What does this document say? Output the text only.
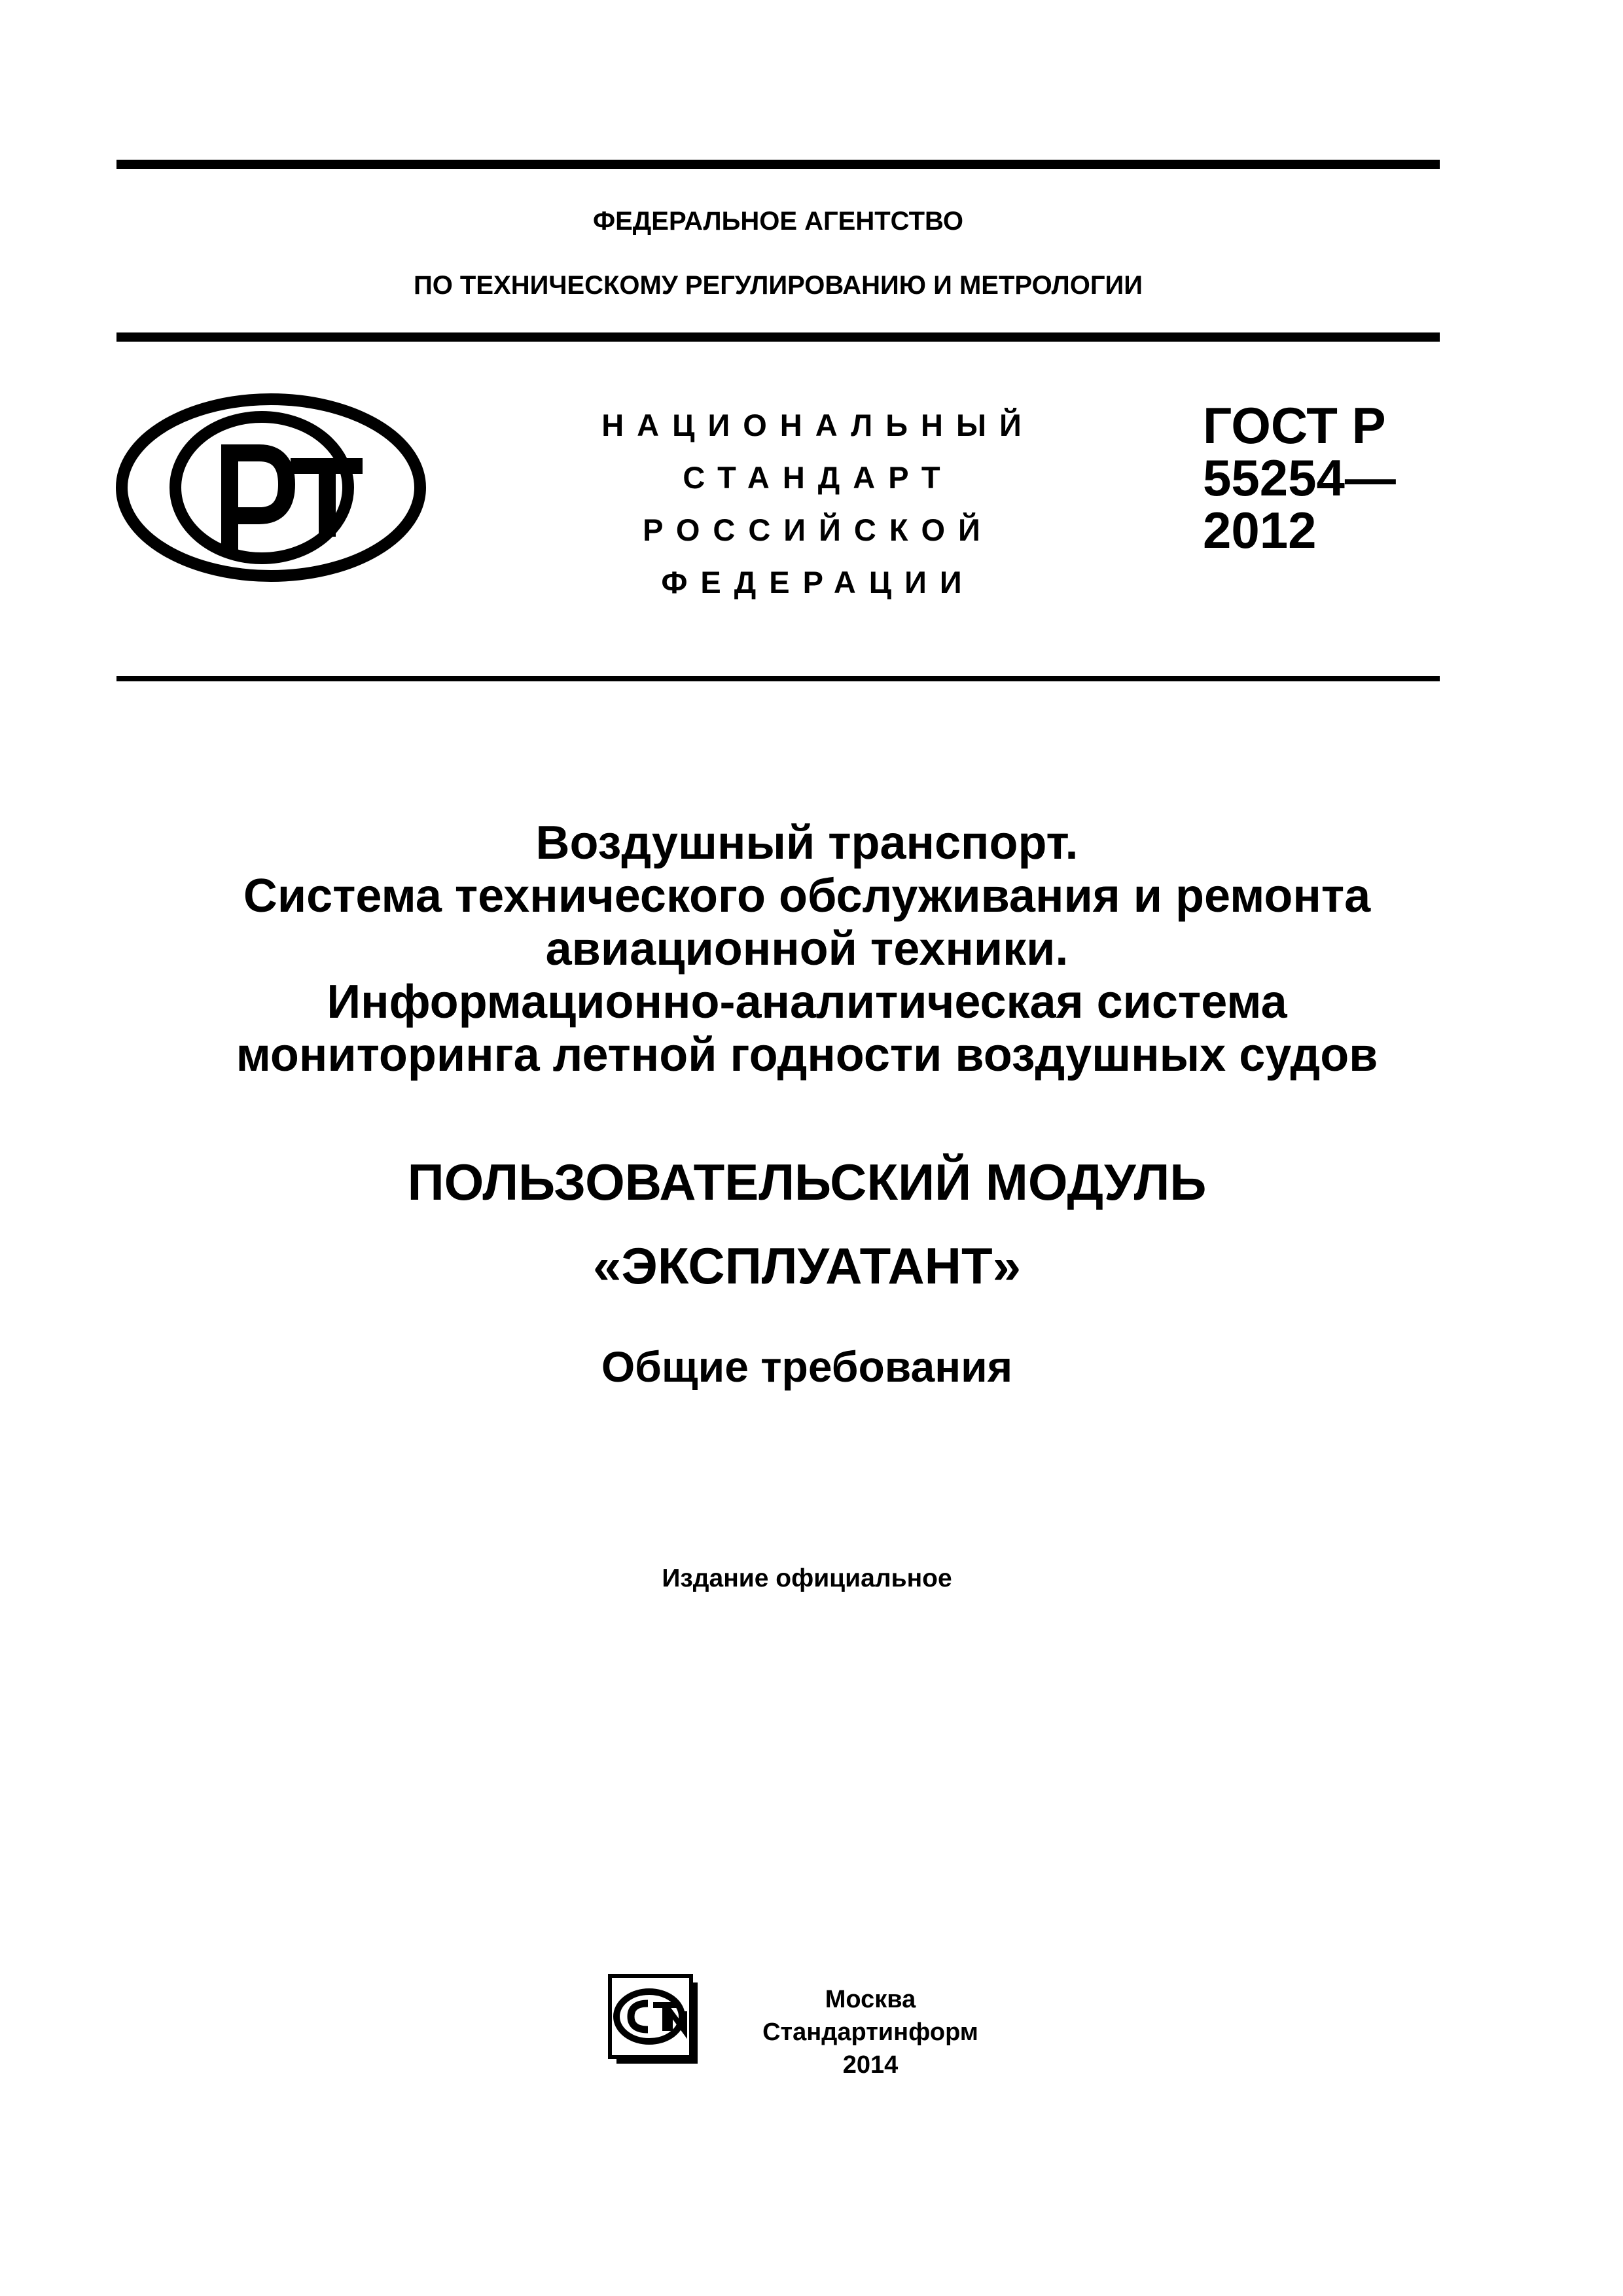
ФЕДЕРАЛЬНОЕ АГЕНТСТВО
ПО ТЕХНИЧЕСКОМУ РЕГУЛИРОВАНИЮ И МЕТРОЛОГИИ
НАЦИОНАЛЬНЫЙ
СТАНДАРТ
РОССИЙСКОЙ
ФЕДЕРАЦИИ
ГОСТ Р
55254—
2012
Воздушный транспорт.
Система технического обслуживания и ремонта
авиационной техники.
Информационно-аналитическая система
мониторинга летной годности воздушных судов
ПОЛЬЗОВАТЕЛЬСКИЙ МОДУЛЬ
«ЭКСПЛУАТАНТ»
Общие требования
Издание официальное
Москва
Стандартинформ
2014
